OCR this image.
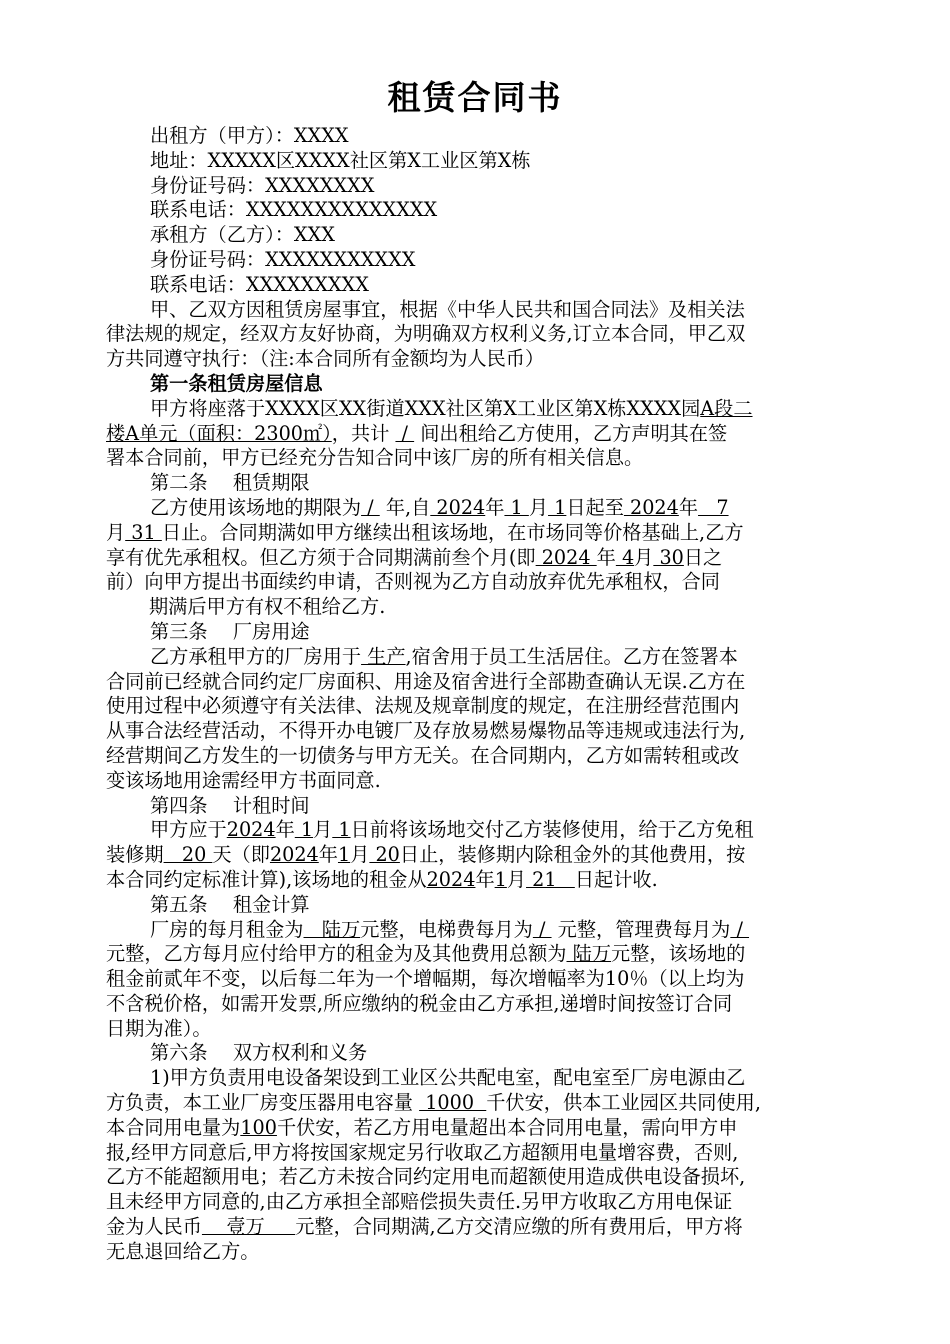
租赁合同书
出租方（甲方）：XXXX
地址：XXXXX区XXXX社区第X工业区第X栋
身份证号码：XXXXXXXX
联系电话：XXXXXXXXXXXXXX
承租方（乙方）：XXX
身份证号码：XXXXXXXXXXX
联系电话：XXXXXXXXX
甲、乙双方因租赁房屋事宜，根据《中华人民共和国合同法》及相关法
律法规的规定，经双方友好协商，为明确双方权利义务,订立本合同，甲乙双
方共同遵守执行：（注:本合同所有金额均为人民币）
第一条租赁房屋信息
甲方将座落于XXXX区XX街道XXX社区第X工业区第X栋XXXX园A段二
楼A单元（面积：2300㎡），共计  /  间出租给乙方使用，乙方声明其在签
署本合同前，甲方已经充分告知合同中该厂房的所有相关信息。
第二条　 租赁期限
乙方使用该场地的期限为 /  年,自 2024年 1 月 1日起至 2024年   7
月 31 日止。合同期满如甲方继续出租该场地，在市场同等价格基础上,乙方
享有优先承租权。但乙方须于合同期满前叁个月(即 2024 年 4月 30日之
前）向甲方提出书面续约申请，否则视为乙方自动放弃优先承租权，合同
期满后甲方有权不租给乙方.
第三条　 厂房用途
乙方承租甲方的厂房用于 生产,宿舍用于员工生活居住。乙方在签署本
合同前已经就合同约定厂房面积、用途及宿舍进行全部勘查确认无误.乙方在
使用过程中必须遵守有关法律、法规及规章制度的规定，在注册经营范围内
从事合法经营活动，不得开办电镀厂及存放易燃易爆物品等违规或违法行为,
经营期间乙方发生的一切债务与甲方无关。在合同期内，乙方如需转租或改
变该场地用途需经甲方书面同意.
第四条　 计租时间
甲方应于2024年 1月 1日前将该场地交付乙方装修使用，给于乙方免租
装修期   20 天（即2024年1月 20日止，装修期内除租金外的其他费用，按
本合同约定标准计算),该场地的租金从2024年1月 21   日起计收.
第五条　 租金计算
厂房的每月租金为   陆万元整，电梯费每月为 /  元整，管理费每月为 /
元整，乙方每月应付给甲方的租金为及其他费用总额为 陆万元整，该场地的
租金前贰年不变，以后每二年为一个增幅期，每次增幅率为10％（以上均为
不含税价格，如需开发票,所应缴纳的税金由乙方承担,递增时间按签订合同
日期为准）。
第六条　 双方权利和义务
1)甲方负责用电设备架设到工业区公共配电室，配电室至厂房电源由乙
方负责，本工业厂房变压器用电容量  1000  千伏安，供本工业园区共同使用,
本合同用电量为100千伏安，若乙方用电量超出本合同用电量，需向甲方申
报,经甲方同意后,甲方将按国家规定另行收取乙方超额用电量增容费，否则,
乙方不能超额用电；若乙方未按合同约定用电而超额使用造成供电设备损坏,
且未经甲方同意的,由乙方承担全部赔偿损失责任.另甲方收取乙方用电保证
金为人民币    壹万     元整，合同期满,乙方交清应缴的所有费用后，甲方将
无息退回给乙方。
